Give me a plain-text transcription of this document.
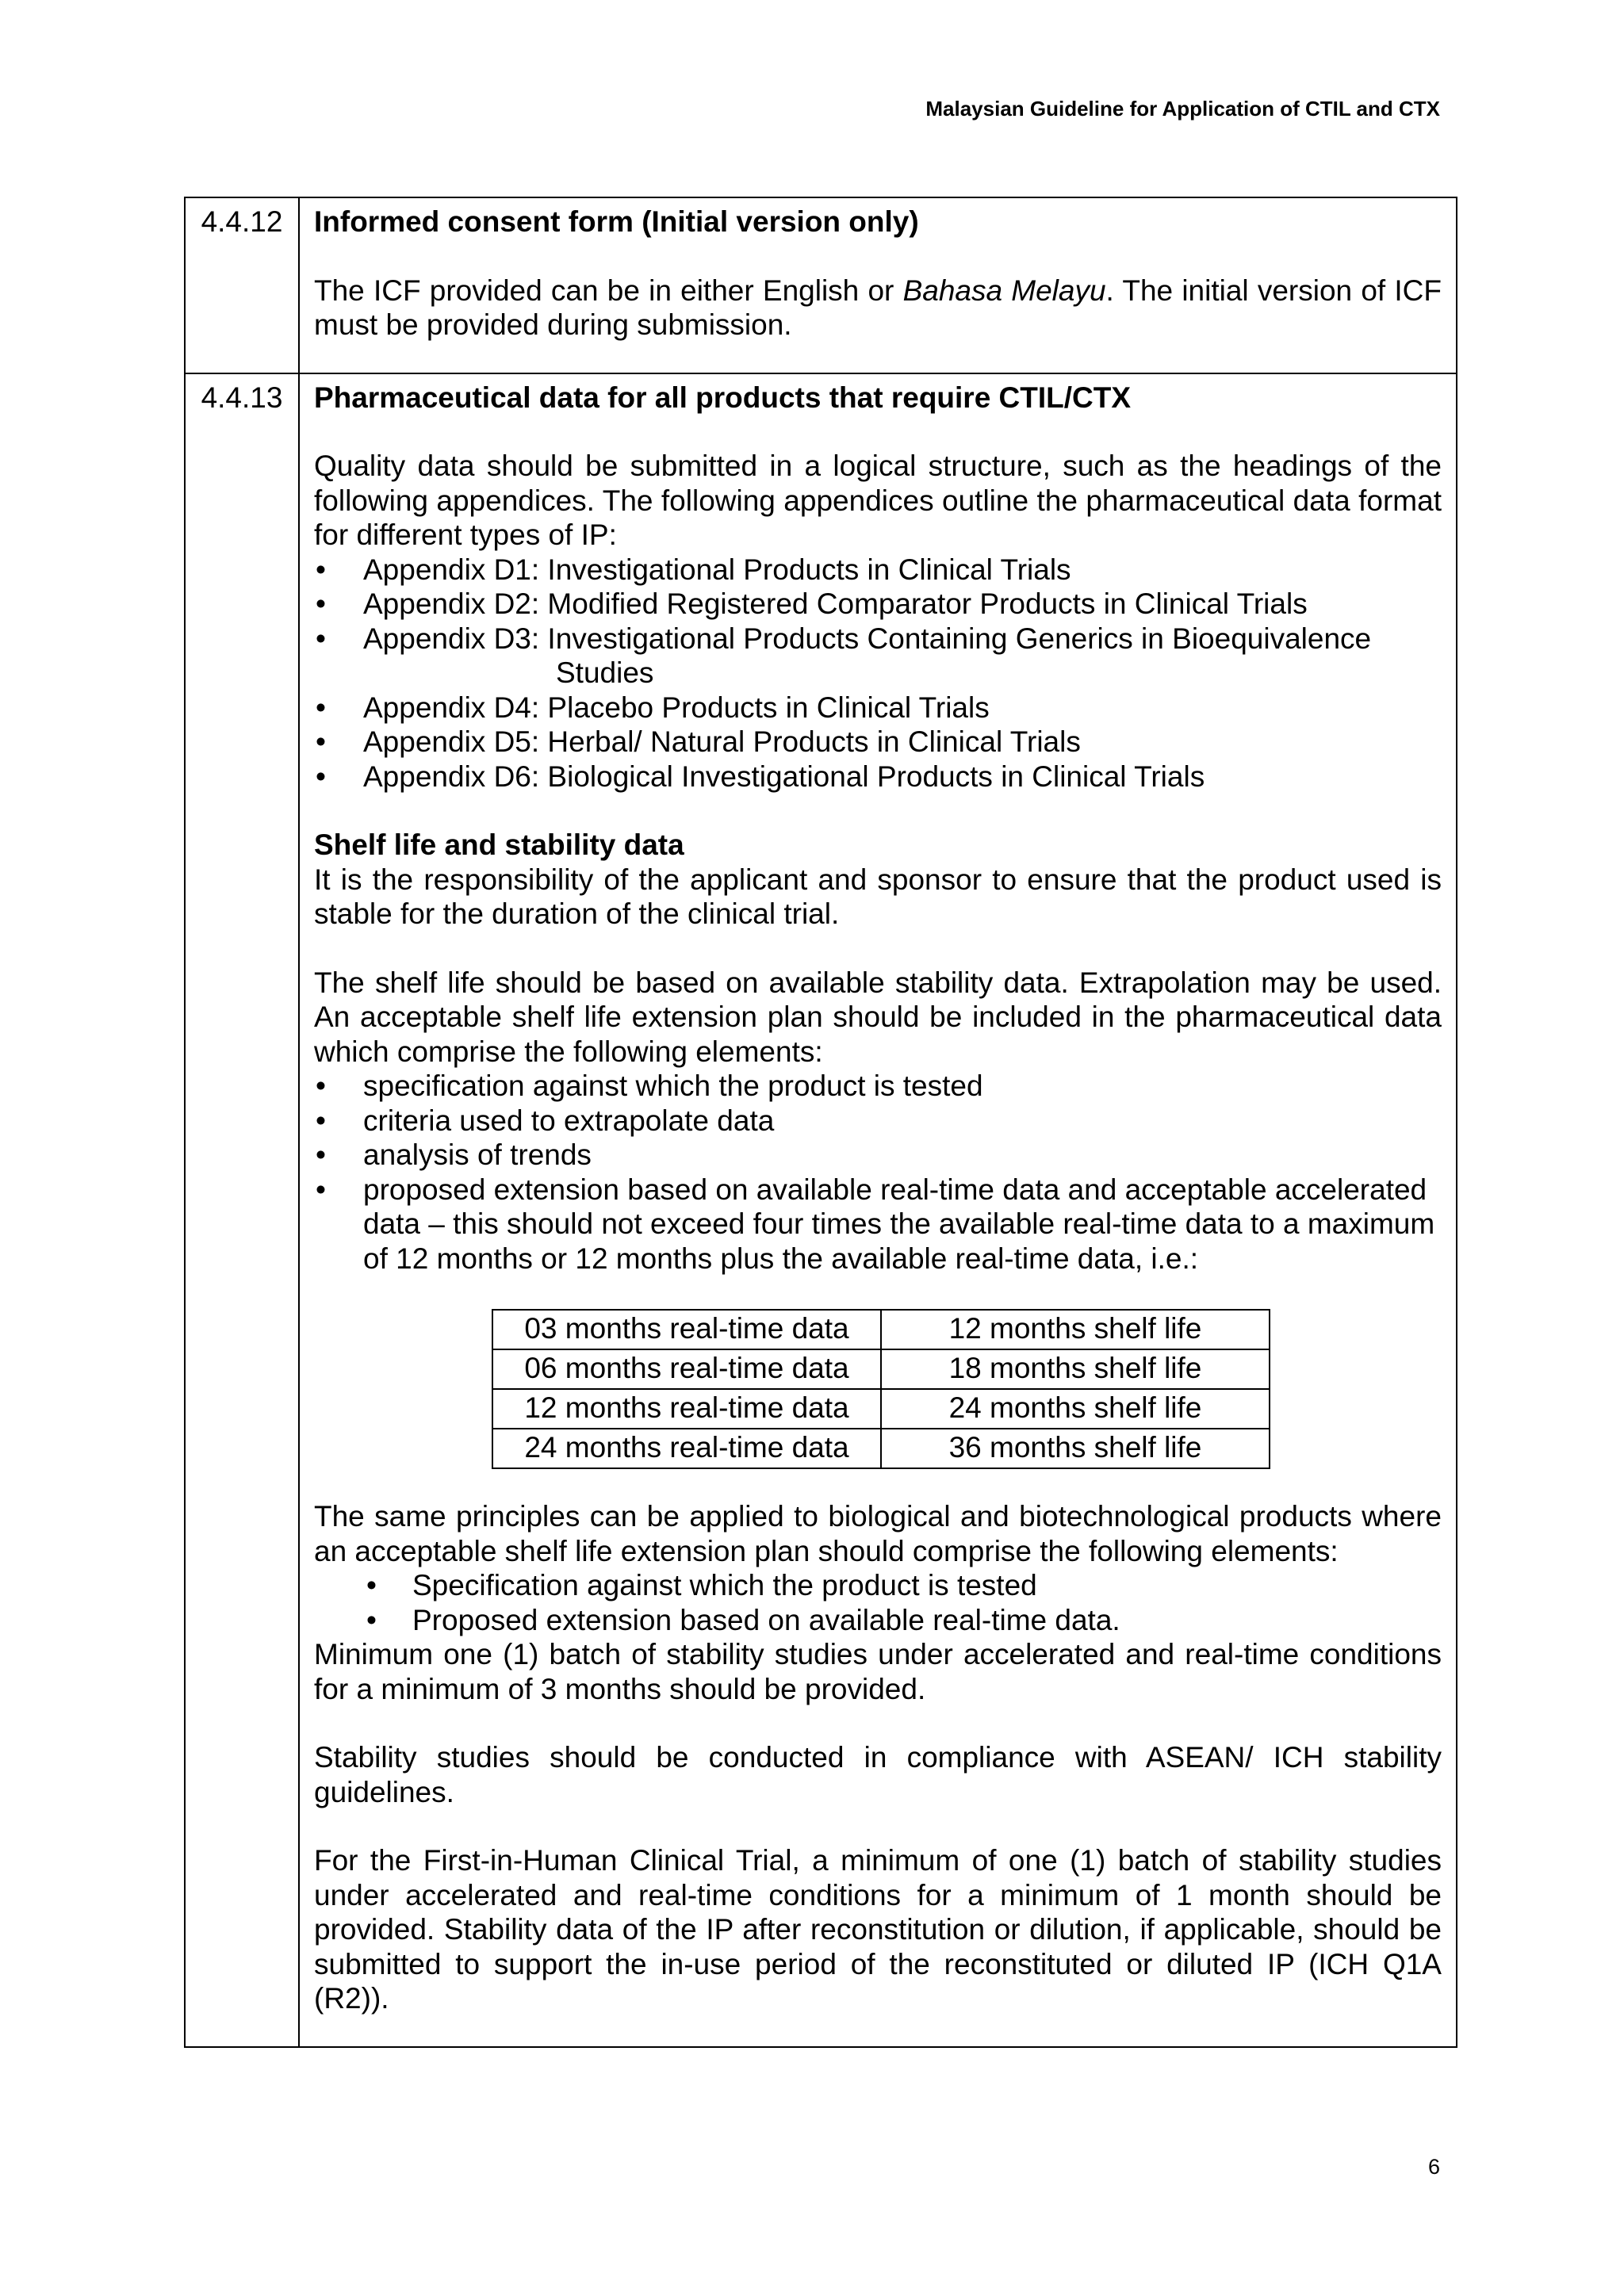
Malaysian Guideline for Application of CTIL and CTX
4.4.12	Informed consent form (Initial version only)

The ICF provided can be in either English or Bahasa Melayu. The initial version of ICF must be provided during submission.

4.4.13	Pharmaceutical data for all products that require CTIL/CTX

Quality data should be submitted in a logical structure, such as the headings of the following appendices. The following appendices outline the pharmaceutical data format for different types of IP:

• Appendix D1: Investigational Products in Clinical Trials
• Appendix D2: Modified Registered Comparator Products in Clinical Trials
• Appendix D3: Investigational Products Containing Generics in Bioequivalence
Studies
• Appendix D4: Placebo Products in Clinical Trials
• Appendix D5: Herbal/ Natural Products in Clinical Trials
• Appendix D6: Biological Investigational Products in Clinical Trials

Shelf life and stability data

It is the responsibility of the applicant and sponsor to ensure that the product used is stable for the duration of the clinical trial.

The shelf life should be based on available stability data. Extrapolation may be used. An acceptable shelf life extension plan should be included in the pharmaceutical data which comprise the following elements:

• specification against which the product is tested
• criteria used to extrapolate data
• analysis of trends
• proposed extension based on available real-time data and acceptable accelerated data – this should not exceed four times the available real-time data to a maximum of 12 months or 12 months plus the available real-time data, i.e.:
03 months real-time data	12 months shelf life
06 months real-time data	18 months shelf life
12 months real-time data	24 months shelf life
24 months real-time data	36 months shelf life

The same principles can be applied to biological and biotechnological products where an acceptable shelf life extension plan should comprise the following elements:

• Specification against which the product is tested
• Proposed extension based on available real-time data.

Minimum one (1) batch of stability studies under accelerated and real-time conditions for a minimum of 3 months should be provided.

Stability studies should be conducted in compliance with ASEAN/ ICH stability guidelines.

For the First-in-Human Clinical Trial, a minimum of one (1) batch of stability studies under accelerated and real-time conditions for a minimum of 1 month should be provided. Stability data of the IP after reconstitution or dilution, if applicable, should be submitted to support the in-use period of the reconstituted or diluted IP (ICH Q1A (R2)).

6
